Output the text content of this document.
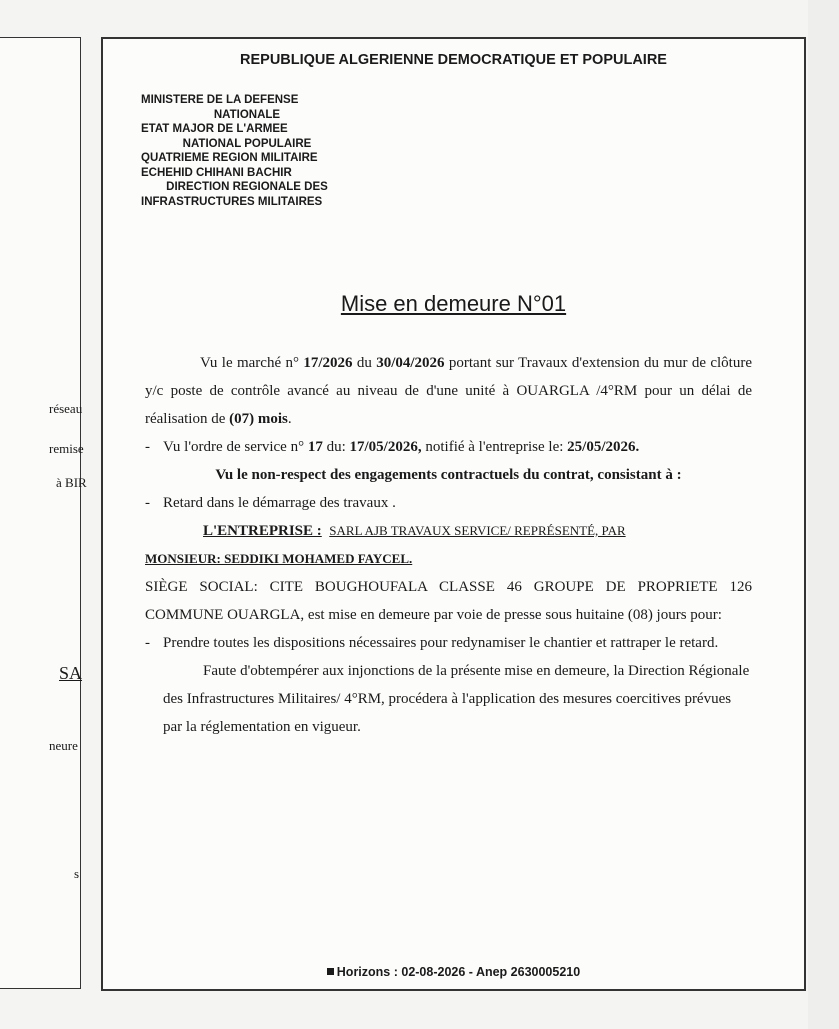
réseau
remise
à BIR
SA
neure
s
REPUBLIQUE ALGERIENNE DEMOCRATIQUE ET POPULAIRE
MINISTERE DE LA DEFENSE
NATIONALE
ETAT MAJOR DE L'ARMEE
NATIONAL POPULAIRE
QUATRIEME REGION MILITAIRE
ECHEHID CHIHANI BACHIR
DIRECTION REGIONALE DES
INFRASTRUCTURES MILITAIRES
Mise en demeure N°01

Vu le marché n° 17/2026 du 30/04/2026 portant sur Travaux d'extension du mur de clôture y/c poste de contrôle avancé au niveau de d'une unité à OUARGLA /4°RM pour un délai de réalisation de (07) mois.

- Vu l'ordre de service n° 17 du: 17/05/2026, notifié à l'entreprise le: 25/05/2026.

Vu le non-respect des engagements contractuels du contrat, consistant à :

- Retard dans le démarrage des travaux .

L'ENTREPRISE : SARL AJB TRAVAUX SERVICE/ REPRÉSENTÉ, PAR

MONSIEUR: SEDDIKI MOHAMED FAYCEL.

SIÈGE SOCIAL: CITE BOUGHOUFALA CLASSE 46 GROUPE DE PROPRIETE 126 COMMUNE OUARGLA, est mise en demeure par voie de presse sous huitaine (08) jours pour:

- Prendre toutes les dispositions nécessaires pour redynamiser le chantier et rattraper le retard.

Faute d'obtempérer aux injonctions de la présente mise en demeure, la Direction Régionale des Infrastructures Militaires/ 4°RM, procédera à l'application des mesures coercitives prévues par la réglementation en vigueur.

Horizons : 02-08-2026 - Anep 2630005210
